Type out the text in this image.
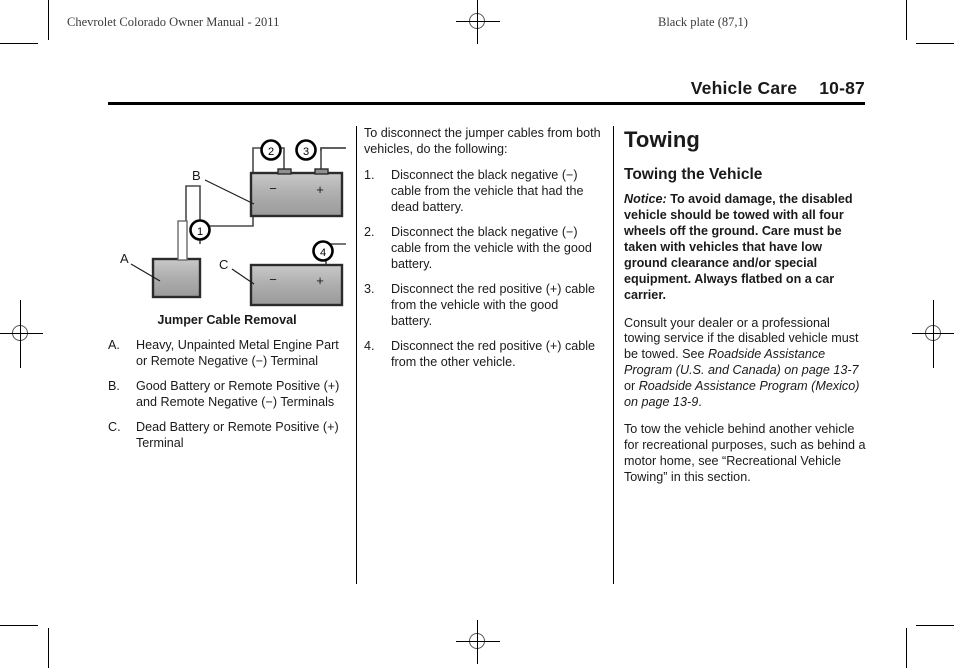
Chevrolet Colorado Owner Manual - 2011	Black plate (87,1)
Vehicle Care 10-87
−	+
−	+
A
B
C
1
2	3
4
Jumper Cable Removal
A.	Heavy, Unpainted Metal Engine Part or Remote Negative (−) Terminal
B.	Good Battery or Remote Positive (+) and Remote Negative (−) Terminals
C.	Dead Battery or Remote Positive (+) Terminal

To disconnect the jumper cables from both vehicles, do the following:

1.	Disconnect the black negative (−) cable from the vehicle that had the dead battery.
2.	Disconnect the black negative (−) cable from the vehicle with the good battery.
3.	Disconnect the red positive (+) cable from the vehicle with the good battery.
4.	Disconnect the red positive (+) cable from the other vehicle.
Towing
Towing the Vehicle

Notice: To avoid damage, the disabled vehicle should be towed with all four wheels off the ground. Care must be taken with vehicles that have low ground clearance and/or special equipment. Always flatbed on a car carrier.

Consult your dealer or a professional towing service if the disabled vehicle must be towed. See Roadside Assistance Program (U.S. and Canada) on page 13-7 or Roadside Assistance Program (Mexico) on page 13-9.

To tow the vehicle behind another vehicle for recreational purposes, such as behind a motor home, see “Recreational Vehicle Towing” in this section.
